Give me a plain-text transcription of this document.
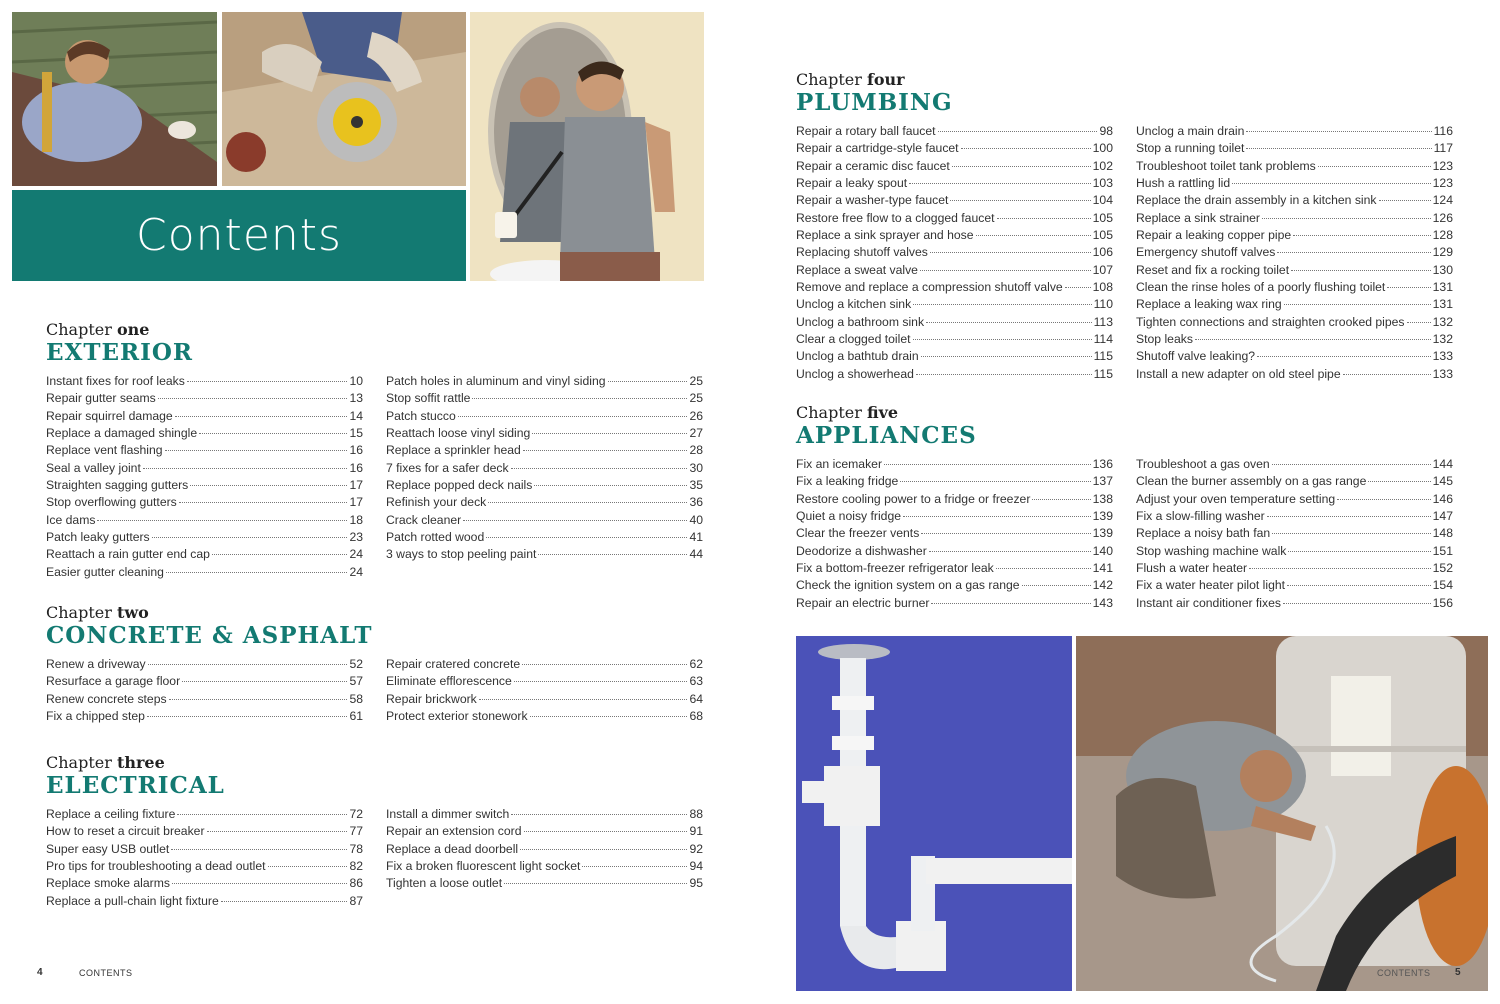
Contents
Chapter one
EXTERIOR
Instant fixes for roof leaks	10
Repair gutter seams	13
Repair squirrel damage	14
Replace a damaged shingle	15
Replace vent flashing	16
Seal a valley joint	16
Straighten sagging gutters	17
Stop overflowing gutters	17
Ice dams	18
Patch leaky gutters	23
Reattach a rain gutter end cap	24
Easier gutter cleaning	24
Patch holes in aluminum and vinyl siding	25
Stop soffit rattle	25
Patch stucco	26
Reattach loose vinyl siding	27
Replace a sprinkler head	28
7 fixes for a safer deck	30
Replace popped deck nails	35
Refinish your deck	36
Crack cleaner	40
Patch rotted wood	41
3 ways to stop peeling paint	44
Chapter two
CONCRETE & ASPHALT
Renew a driveway	52
Resurface a garage floor	57
Renew concrete steps	58
Fix a chipped step	61
Repair cratered concrete	62
Eliminate efflorescence	63
Repair brickwork	64
Protect exterior stonework	68
Chapter three
ELECTRICAL
Replace a ceiling fixture	72
How to reset a circuit breaker	77
Super easy USB outlet	78
Pro tips for troubleshooting a dead outlet	82
Replace smoke alarms	86
Replace a pull-chain light fixture	87
Install a dimmer switch	88
Repair an extension cord	91
Replace a dead doorbell	92
Fix a broken fluorescent light socket	94
Tighten a loose outlet	95
Chapter four
PLUMBING
Repair a rotary ball faucet	98
Repair a cartridge-style faucet	100
Repair a ceramic disc faucet	102
Repair a leaky spout	103
Repair a washer-type faucet	104
Restore free flow to a clogged faucet	105
Replace a sink sprayer and hose	105
Replacing shutoff valves	106
Replace a sweat valve	107
Remove and replace a compression shutoff valve 108
Unclog a kitchen sink	110
Unclog a bathroom sink	113
Clear a clogged toilet	114
Unclog a bathtub drain	115
Unclog a showerhead	115
Unclog a main drain	116
Stop a running toilet	117
Troubleshoot toilet tank problems	123
Hush a rattling lid	123
Replace the drain assembly in a kitchen sink	124
Replace a sink strainer	126
Repair a leaking copper pipe	128
Emergency shutoff valves	129
Reset and fix a rocking toilet	130
Clean the rinse holes of a poorly flushing toilet	131
Replace a leaking wax ring	131
Tighten connections and straighten crooked pipes 132
Stop leaks	132
Shutoff valve leaking?	133
Install a new adapter on old steel pipe	133
Chapter five
APPLIANCES
Fix an icemaker	136
Fix a leaking fridge	137
Restore cooling power to a fridge or freezer	138
Quiet a noisy fridge	139
Clear the freezer vents	139
Deodorize a dishwasher	140
Fix a bottom-freezer refrigerator leak	141
Check the ignition system on a gas range	142
Repair an electric burner	143
Troubleshoot a gas oven	144
Clean the burner assembly on a gas range	145
Adjust your oven temperature setting	146
Fix a slow-filling washer	147
Replace a noisy bath fan	148
Stop washing machine walk	151
Flush a water heater	152
Fix a water heater pilot light	154
Instant air conditioner fixes	156
4	CONTENTS	CONTENTS 5
